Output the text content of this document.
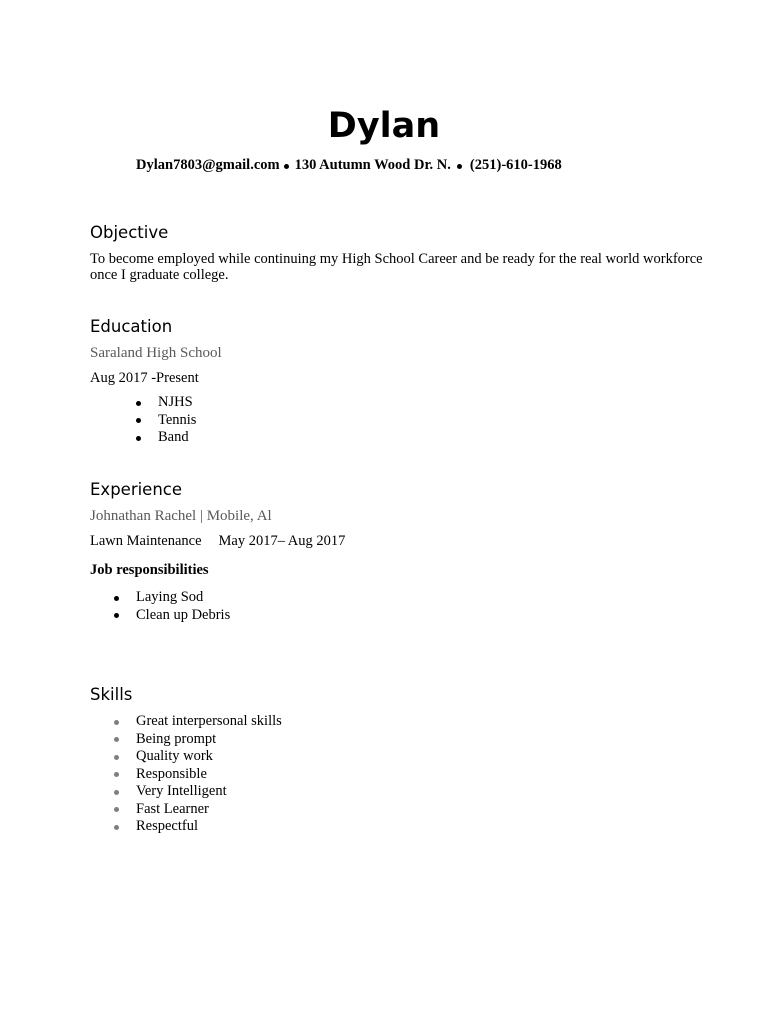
Dylan
Dylan7803@gmail.com 130 Autumn Wood Dr. N. (251)-610-1968
Objective
To become employed while continuing my High School Career and be ready for the real world workforce
once I graduate college.
Education
Saraland High School
Aug 2017 -Present
NJHS
Tennis
Band
Experience
Johnathan Rachel | Mobile, Al
Lawn Maintenance May 2017– Aug 2017
Job responsibilities
Laying Sod
Clean up Debris
Skills
Great interpersonal skills
Being prompt
Quality work
Responsible
Very Intelligent
Fast Learner
Respectful
